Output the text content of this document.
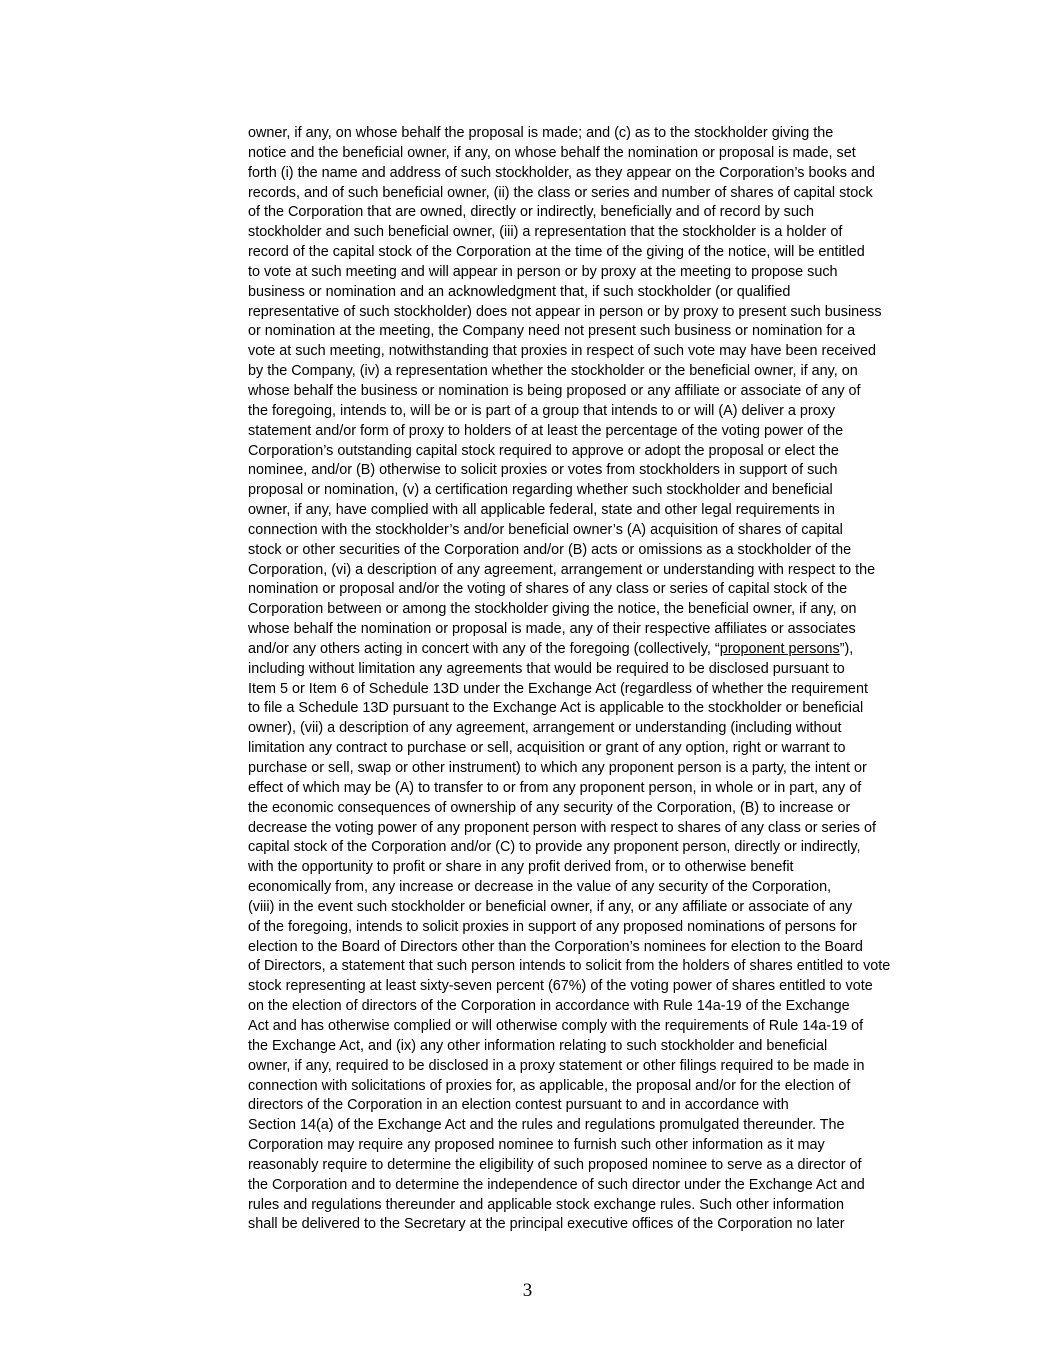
owner, if any, on whose behalf the proposal is made; and (c) as to the stockholder giving the
notice and the beneficial owner, if any, on whose behalf the nomination or proposal is made, set
forth (i) the name and address of such stockholder, as they appear on the Corporation’s books and
records, and of such beneficial owner, (ii) the class or series and number of shares of capital stock
of the Corporation that are owned, directly or indirectly, beneficially and of record by such
stockholder and such beneficial owner, (iii) a representation that the stockholder is a holder of
record of the capital stock of the Corporation at the time of the giving of the notice, will be entitled
to vote at such meeting and will appear in person or by proxy at the meeting to propose such
business or nomination and an acknowledgment that, if such stockholder (or qualified
representative of such stockholder) does not appear in person or by proxy to present such business
or nomination at the meeting, the Company need not present such business or nomination for a
vote at such meeting, notwithstanding that proxies in respect of such vote may have been received
by the Company, (iv) a representation whether the stockholder or the beneficial owner, if any, on
whose behalf the business or nomination is being proposed or any affiliate or associate of any of
the foregoing, intends to, will be or is part of a group that intends to or will (A) deliver a proxy
statement and/or form of proxy to holders of at least the percentage of the voting power of the
Corporation’s outstanding capital stock required to approve or adopt the proposal or elect the
nominee, and/or (B) otherwise to solicit proxies or votes from stockholders in support of such
proposal or nomination, (v) a certification regarding whether such stockholder and beneficial
owner, if any, have complied with all applicable federal, state and other legal requirements in
connection with the stockholder’s and/or beneficial owner’s (A) acquisition of shares of capital
stock or other securities of the Corporation and/or (B) acts or omissions as a stockholder of the
Corporation, (vi) a description of any agreement, arrangement or understanding with respect to the
nomination or proposal and/or the voting of shares of any class or series of capital stock of the
Corporation between or among the stockholder giving the notice, the beneficial owner, if any, on
whose behalf the nomination or proposal is made, any of their respective affiliates or associates
and/or any others acting in concert with any of the foregoing (collectively, “proponent persons”),
including without limitation any agreements that would be required to be disclosed pursuant to
Item 5 or Item 6 of Schedule 13D under the Exchange Act (regardless of whether the requirement
to file a Schedule 13D pursuant to the Exchange Act is applicable to the stockholder or beneficial
owner), (vii) a description of any agreement, arrangement or understanding (including without
limitation any contract to purchase or sell, acquisition or grant of any option, right or warrant to
purchase or sell, swap or other instrument) to which any proponent person is a party, the intent or
effect of which may be (A) to transfer to or from any proponent person, in whole or in part, any of
the economic consequences of ownership of any security of the Corporation, (B) to increase or
decrease the voting power of any proponent person with respect to shares of any class or series of
capital stock of the Corporation and/or (C) to provide any proponent person, directly or indirectly,
with the opportunity to profit or share in any profit derived from, or to otherwise benefit
economically from, any increase or decrease in the value of any security of the Corporation,
(viii) in the event such stockholder or beneficial owner, if any, or any affiliate or associate of any
of the foregoing, intends to solicit proxies in support of any proposed nominations of persons for
election to the Board of Directors other than the Corporation’s nominees for election to the Board
of Directors, a statement that such person intends to solicit from the holders of shares entitled to vote
stock representing at least sixty-seven percent (67%) of the voting power of shares entitled to vote
on the election of directors of the Corporation in accordance with Rule 14a-19 of the Exchange
Act and has otherwise complied or will otherwise comply with the requirements of Rule 14a-19 of
the Exchange Act, and (ix) any other information relating to such stockholder and beneficial
owner, if any, required to be disclosed in a proxy statement or other filings required to be made in
connection with solicitations of proxies for, as applicable, the proposal and/or for the election of
directors of the Corporation in an election contest pursuant to and in accordance with
Section 14(a) of the Exchange Act and the rules and regulations promulgated thereunder. The
Corporation may require any proposed nominee to furnish such other information as it may
reasonably require to determine the eligibility of such proposed nominee to serve as a director of
the Corporation and to determine the independence of such director under the Exchange Act and
rules and regulations thereunder and applicable stock exchange rules. Such other information
shall be delivered to the Secretary at the principal executive offices of the Corporation no later
3
